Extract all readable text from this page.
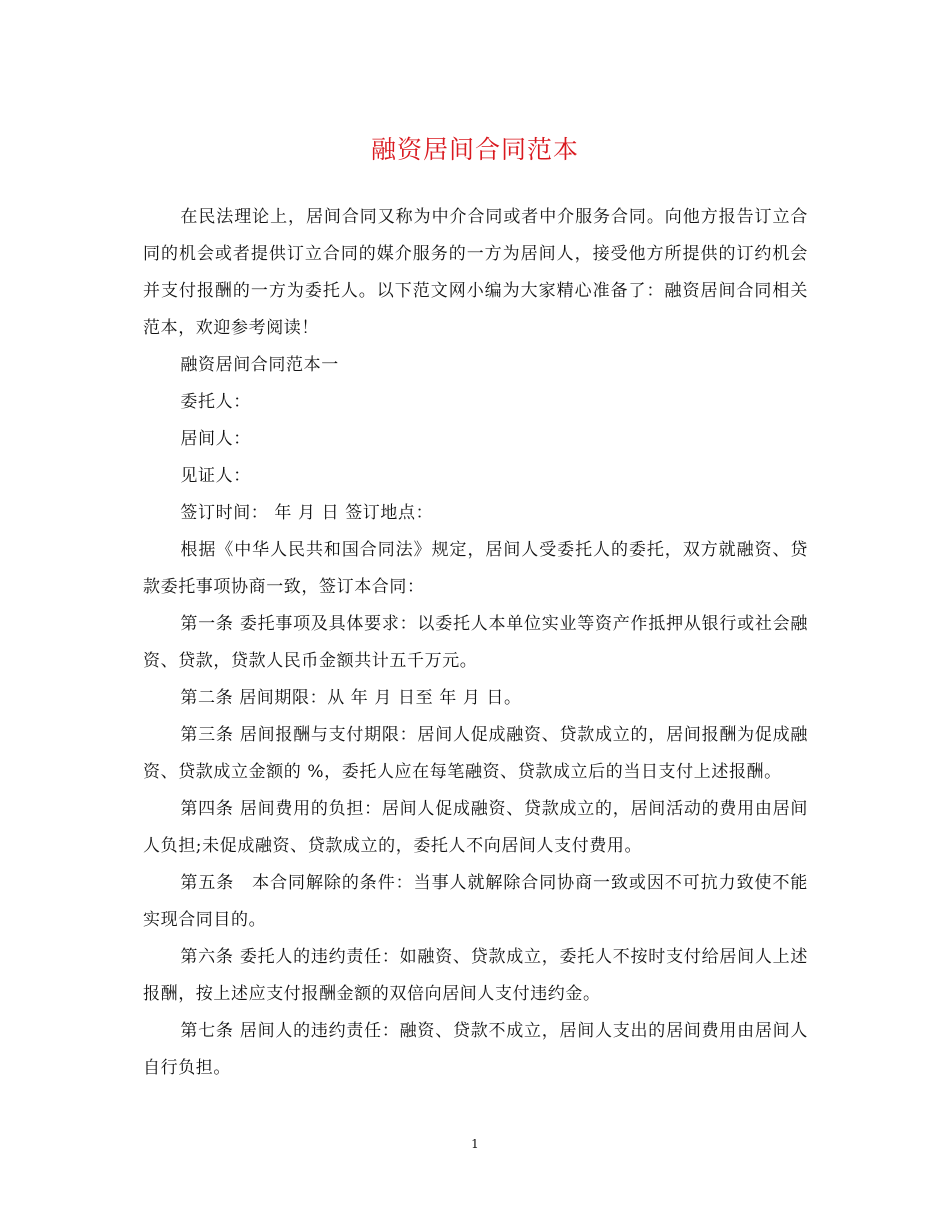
融资居间合同范本

在民法理论上，居间合同又称为中介合同或者中介服务合同。向他方报告订立合同的机会或者提供订立合同的媒介服务的一方为居间人，接受他方所提供的订约机会并支付报酬的一方为委托人。以下范文网小编为大家精心准备了：融资居间合同相关范本，欢迎参考阅读！

融资居间合同范本一

委托人：

居间人：

见证人：

签订时间： 年 月 日 签订地点：

根据《中华人民共和国合同法》规定，居间人受委托人的委托，双方就融资、贷款委托事项协商一致，签订本合同：

第一条 委托事项及具体要求：以委托人本单位实业等资产作抵押从银行或社会融资、贷款，贷款人民币金额共计五千万元。

第二条 居间期限：从 年 月 日至 年 月 日。

第三条 居间报酬与支付期限：居间人促成融资、贷款成立的，居间报酬为促成融资、贷款成立金额的 %，委托人应在每笔融资、贷款成立后的当日支付上述报酬。

第四条 居间费用的负担：居间人促成融资、贷款成立的，居间活动的费用由居间人负担;未促成融资、贷款成立的，委托人不向居间人支付费用。

第五条　本合同解除的条件：当事人就解除合同协商一致或因不可抗力致使不能实现合同目的。

第六条 委托人的违约责任：如融资、贷款成立，委托人不按时支付给居间人上述报酬，按上述应支付报酬金额的双倍向居间人支付违约金。

第七条 居间人的违约责任：融资、贷款不成立，居间人支出的居间费用由居间人自行负担。

1
